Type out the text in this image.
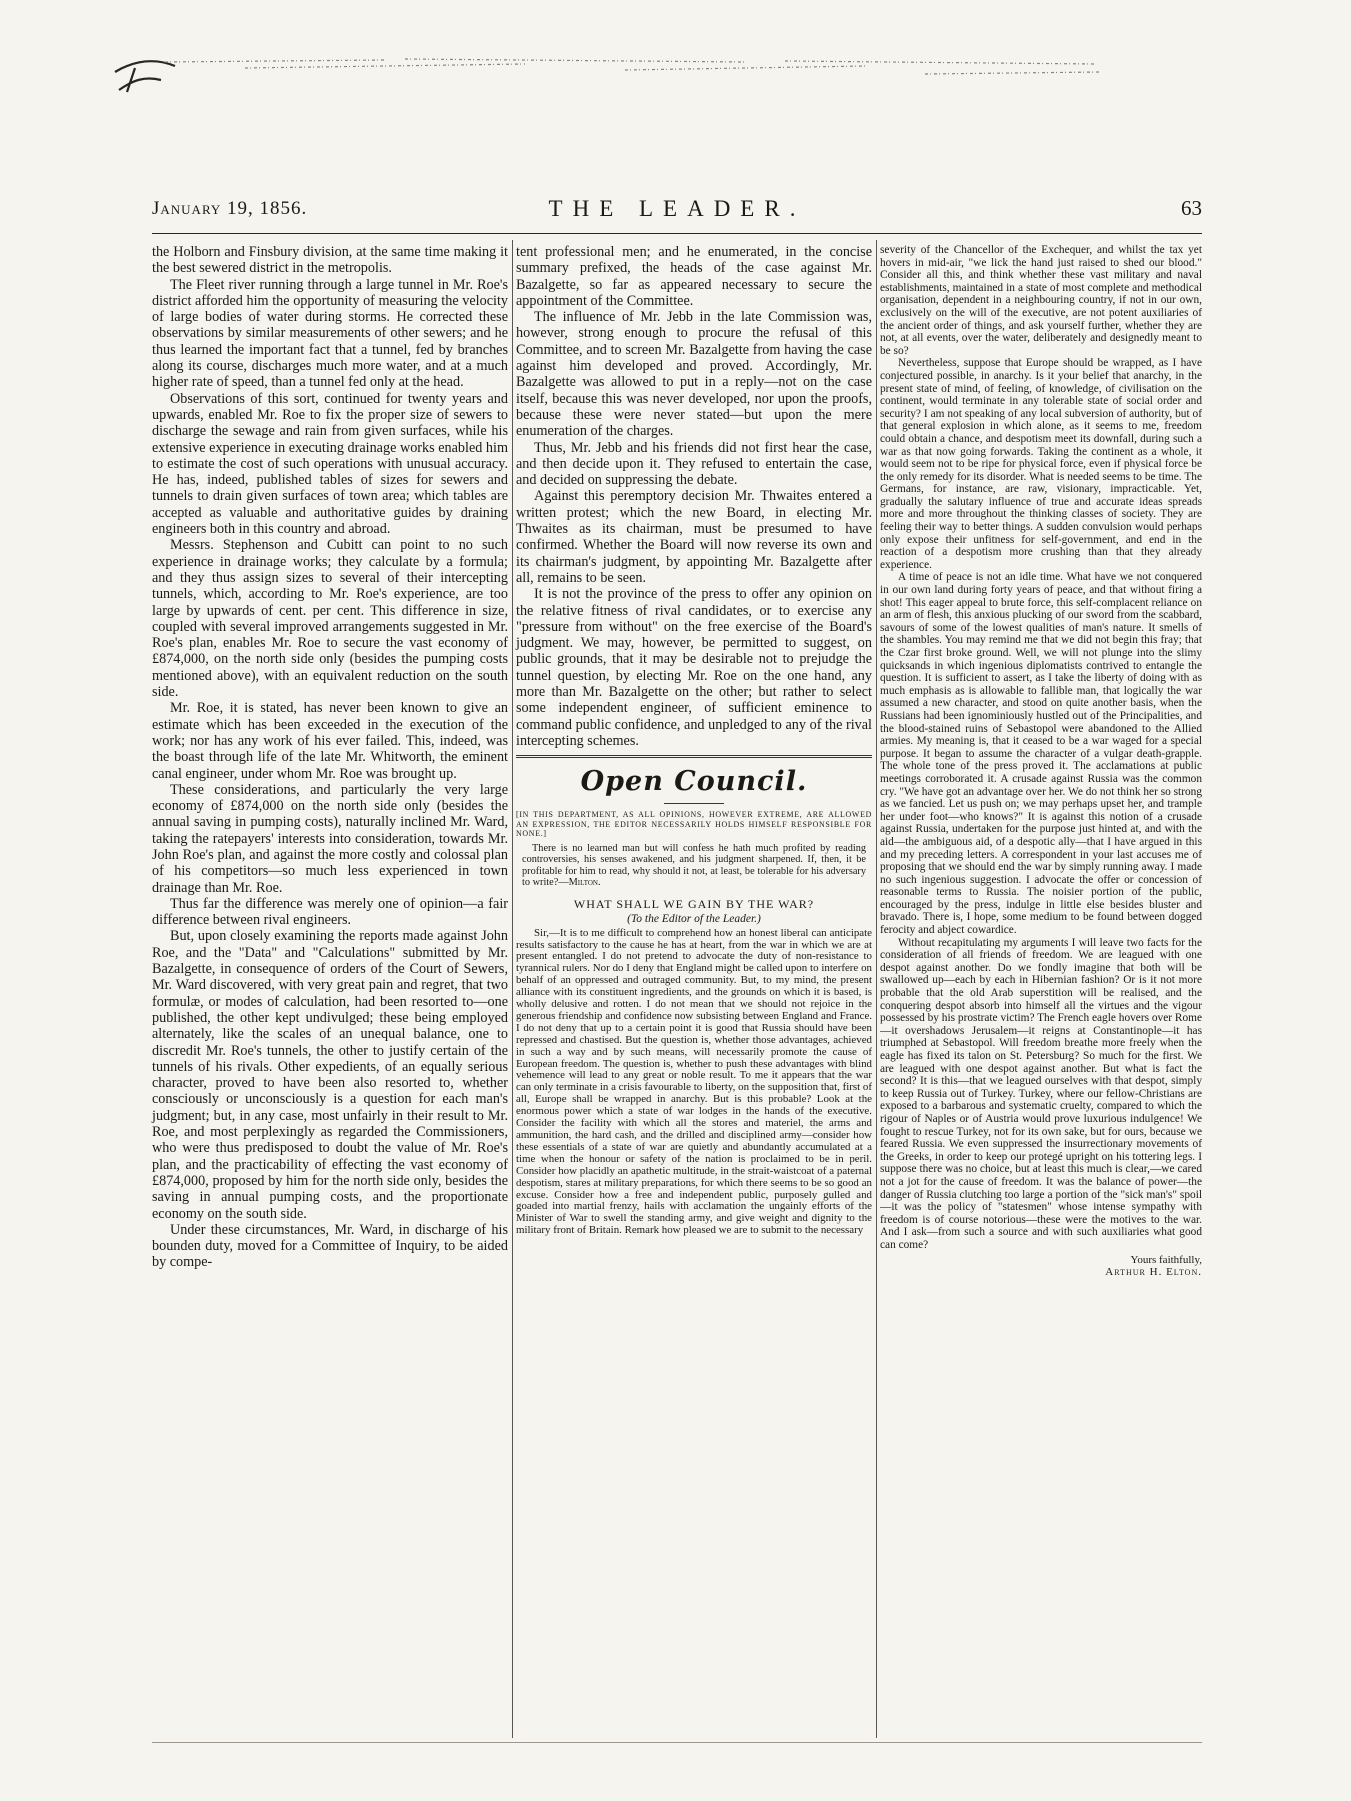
January 19, 1856.	THE LEADER.	63

the Holborn and Finsbury division, at the same time making it the best sewered district in the metropolis.

The Fleet river running through a large tunnel in Mr. Roe's district afforded him the opportunity of measuring the velocity of large bodies of water during storms. He corrected these observations by similar measurements of other sewers; and he thus learned the important fact that a tunnel, fed by branches along its course, discharges much more water, and at a much higher rate of speed, than a tunnel fed only at the head.

Observations of this sort, continued for twenty years and upwards, enabled Mr. Roe to fix the proper size of sewers to discharge the sewage and rain from given surfaces, while his extensive experience in executing drainage works enabled him to estimate the cost of such operations with unusual accuracy. He has, indeed, published tables of sizes for sewers and tunnels to drain given surfaces of town area; which tables are accepted as valuable and authoritative guides by draining engineers both in this country and abroad.

Messrs. Stephenson and Cubitt can point to no such experience in drainage works; they calculate by a formula; and they thus assign sizes to several of their intercepting tunnels, which, according to Mr. Roe's experience, are too large by upwards of cent. per cent. This difference in size, coupled with several improved arrangements suggested in Mr. Roe's plan, enables Mr. Roe to secure the vast economy of £874,000, on the north side only (besides the pumping costs mentioned above), with an equivalent reduction on the south side.

Mr. Roe, it is stated, has never been known to give an estimate which has been exceeded in the execution of the work; nor has any work of his ever failed. This, indeed, was the boast through life of the late Mr. Whitworth, the eminent canal engineer, under whom Mr. Roe was brought up.

These considerations, and particularly the very large economy of £874,000 on the north side only (besides the annual saving in pumping costs), naturally inclined Mr. Ward, taking the ratepayers' interests into consideration, towards Mr. John Roe's plan, and against the more costly and colossal plan of his competitors—so much less experienced in town drainage than Mr. Roe.

Thus far the difference was merely one of opinion—a fair difference between rival engineers.

But, upon closely examining the reports made against John Roe, and the "Data" and "Calculations" submitted by Mr. Bazalgette, in consequence of orders of the Court of Sewers, Mr. Ward discovered, with very great pain and regret, that two formulæ, or modes of calculation, had been resorted to—one published, the other kept undivulged; these being employed alternately, like the scales of an unequal balance, one to discredit Mr. Roe's tunnels, the other to justify certain of the tunnels of his rivals. Other expedients, of an equally serious character, proved to have been also resorted to, whether consciously or unconsciously is a question for each man's judgment; but, in any case, most unfairly in their result to Mr. Roe, and most perplexingly as regarded the Commissioners, who were thus predisposed to doubt the value of Mr. Roe's plan, and the practicability of effecting the vast economy of £874,000, proposed by him for the north side only, besides the saving in annual pumping costs, and the proportionate economy on the south side.

Under these circumstances, Mr. Ward, in discharge of his bounden duty, moved for a Committee of Inquiry, to be aided by compe-

tent professional men; and he enumerated, in the concise summary prefixed, the heads of the case against Mr. Bazalgette, so far as appeared necessary to secure the appointment of the Committee.

The influence of Mr. Jebb in the late Commission was, however, strong enough to procure the refusal of this Committee, and to screen Mr. Bazalgette from having the case against him developed and proved. Accordingly, Mr. Bazalgette was allowed to put in a reply—not on the case itself, because this was never developed, nor upon the proofs, because these were never stated—but upon the mere enumeration of the charges.

Thus, Mr. Jebb and his friends did not first hear the case, and then decide upon it. They refused to entertain the case, and decided on suppressing the debate.

Against this peremptory decision Mr. Thwaites entered a written protest; which the new Board, in electing Mr. Thwaites as its chairman, must be presumed to have confirmed. Whether the Board will now reverse its own and its chairman's judgment, by appointing Mr. Bazalgette after all, remains to be seen.

It is not the province of the press to offer any opinion on the relative fitness of rival candidates, or to exercise any "pressure from without" on the free exercise of the Board's judgment. We may, however, be permitted to suggest, on public grounds, that it may be desirable not to prejudge the tunnel question, by electing Mr. Roe on the one hand, any more than Mr. Bazalgette on the other; but rather to select some independent engineer, of sufficient eminence to command public confidence, and unpledged to any of the rival intercepting schemes.

Open Council.

[IN THIS DEPARTMENT, AS ALL OPINIONS, HOWEVER EXTREME, ARE ALLOWED AN EXPRESSION, THE EDITOR NECESSARILY HOLDS HIMSELF RESPONSIBLE FOR NONE.]

There is no learned man but will confess he hath much profited by reading controversies, his senses awakened, and his judgment sharpened. If, then, it be profitable for him to read, why should it not, at least, be tolerable for his adversary to write?—Milton.

WHAT SHALL WE GAIN BY THE WAR?
(To the Editor of the Leader.)

Sir,—It is to me difficult to comprehend how an honest liberal can anticipate results satisfactory to the cause he has at heart, from the war in which we are at present entangled. I do not pretend to advocate the duty of non-resistance to tyrannical rulers. Nor do I deny that England might be called upon to interfere on behalf of an oppressed and outraged community. But, to my mind, the present alliance with its constituent ingredients, and the grounds on which it is based, is wholly delusive and rotten. I do not mean that we should not rejoice in the generous friendship and confidence now subsisting between England and France. I do not deny that up to a certain point it is good that Russia should have been repressed and chastised. But the question is, whether those advantages, achieved in such a way and by such means, will necessarily promote the cause of European freedom. The question is, whether to push these advantages with blind vehemence will lead to any great or noble result. To me it appears that the war can only terminate in a crisis favourable to liberty, on the supposition that, first of all, Europe shall be wrapped in anarchy. But is this probable? Look at the enormous power which a state of war lodges in the hands of the executive. Consider the facility with which all the stores and materiel, the arms and ammunition, the hard cash, and the drilled and disciplined army—consider how these essentials of a state of war are quietly and abundantly accumulated at a time when the honour or safety of the nation is proclaimed to be in peril. Consider how placidly an apathetic multitude, in the strait-waistcoat of a paternal despotism, stares at military preparations, for which there seems to be so good an excuse. Consider how a free and independent public, purposely gulled and goaded into martial frenzy, hails with acclamation the ungainly efforts of the Minister of War to swell the standing army, and give weight and dignity to the military front of Britain. Remark how pleased we are to submit to the necessary

severity of the Chancellor of the Exchequer, and whilst the tax yet hovers in mid-air, "we lick the hand just raised to shed our blood." Consider all this, and think whether these vast military and naval establishments, maintained in a state of most complete and methodical organisation, dependent in a neighbouring country, if not in our own, exclusively on the will of the executive, are not potent auxiliaries of the ancient order of things, and ask yourself further, whether they are not, at all events, over the water, deliberately and designedly meant to be so?

Nevertheless, suppose that Europe should be wrapped, as I have conjectured possible, in anarchy. Is it your belief that anarchy, in the present state of mind, of feeling, of knowledge, of civilisation on the continent, would terminate in any tolerable state of social order and security? I am not speaking of any local subversion of authority, but of that general explosion in which alone, as it seems to me, freedom could obtain a chance, and despotism meet its downfall, during such a war as that now going forwards. Taking the continent as a whole, it would seem not to be ripe for physical force, even if physical force be the only remedy for its disorder. What is needed seems to be time. The Germans, for instance, are raw, visionary, impracticable. Yet, gradually the salutary influence of true and accurate ideas spreads more and more throughout the thinking classes of society. They are feeling their way to better things. A sudden convulsion would perhaps only expose their unfitness for self-government, and end in the reaction of a despotism more crushing than that they already experience.

A time of peace is not an idle time. What have we not conquered in our own land during forty years of peace, and that without firing a shot! This eager appeal to brute force, this self-complacent reliance on an arm of flesh, this anxious plucking of our sword from the scabbard, savours of some of the lowest qualities of man's nature. It smells of the shambles. You may remind me that we did not begin this fray; that the Czar first broke ground. Well, we will not plunge into the slimy quicksands in which ingenious diplomatists contrived to entangle the question. It is sufficient to assert, as I take the liberty of doing with as much emphasis as is allowable to fallible man, that logically the war assumed a new character, and stood on quite another basis, when the Russians had been ignominiously hustled out of the Principalities, and the blood-stained ruins of Sebastopol were abandoned to the Allied armies. My meaning is, that it ceased to be a war waged for a special purpose. It began to assume the character of a vulgar death-grapple. The whole tone of the press proved it. The acclamations at public meetings corroborated it. A crusade against Russia was the common cry. "We have got an advantage over her. We do not think her so strong as we fancied. Let us push on; we may perhaps upset her, and trample her under foot—who knows?" It is against this notion of a crusade against Russia, undertaken for the purpose just hinted at, and with the aid—the ambiguous aid, of a despotic ally—that I have argued in this and my preceding letters. A correspondent in your last accuses me of proposing that we should end the war by simply running away. I made no such ingenious suggestion. I advocate the offer or concession of reasonable terms to Russia. The noisier portion of the public, encouraged by the press, indulge in little else besides bluster and bravado. There is, I hope, some medium to be found between dogged ferocity and abject cowardice.

Without recapitulating my arguments I will leave two facts for the consideration of all friends of freedom. We are leagued with one despot against another. Do we fondly imagine that both will be swallowed up—each by each in Hibernian fashion? Or is it not more probable that the old Arab superstition will be realised, and the conquering despot absorb into himself all the virtues and the vigour possessed by his prostrate victim? The French eagle hovers over Rome—it overshadows Jerusalem—it reigns at Constantinople—it has triumphed at Sebastopol. Will freedom breathe more freely when the eagle has fixed its talon on St. Petersburg? So much for the first. We are leagued with one despot against another. But what is fact the second? It is this—that we leagued ourselves with that despot, simply to keep Russia out of Turkey. Turkey, where our fellow-Christians are exposed to a barbarous and systematic cruelty, compared to which the rigour of Naples or of Austria would prove luxurious indulgence! We fought to rescue Turkey, not for its own sake, but for ours, because we feared Russia. We even suppressed the insurrectionary movements of the Greeks, in order to keep our protegé upright on his tottering legs. I suppose there was no choice, but at least this much is clear,—we cared not a jot for the cause of freedom. It was the balance of power—the danger of Russia clutching too large a portion of the "sick man's" spoil—it was the policy of "statesmen" whose intense sympathy with freedom is of course notorious—these were the motives to the war. And I ask—from such a source and with such auxiliaries what good can come?

Yours faithfully,
Arthur H. Elton.
